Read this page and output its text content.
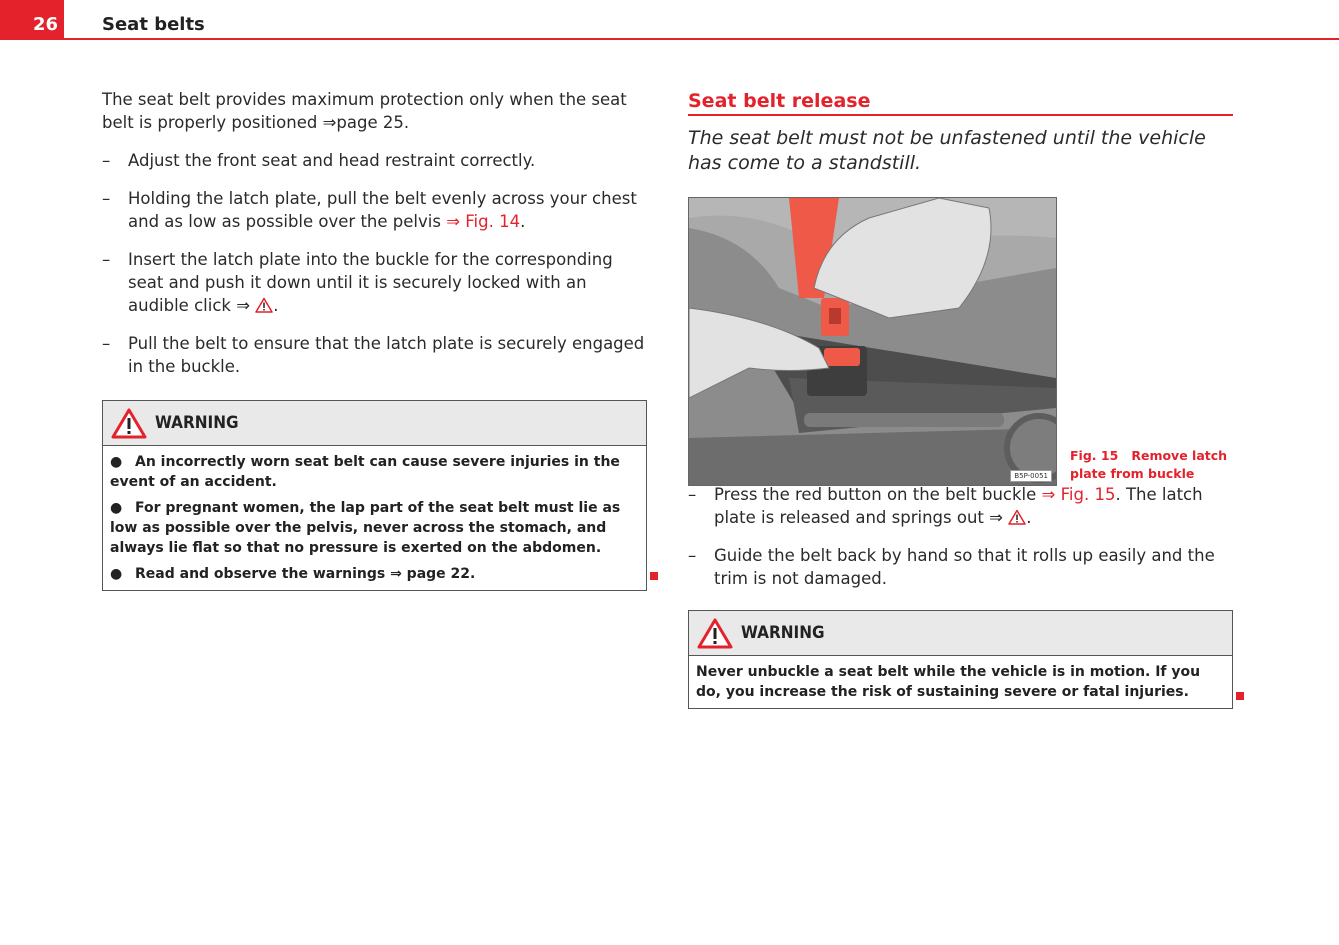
26 Seat belts

The seat belt provides maximum protection only when the seat belt is properly positioned ⇒page 25.

– Adjust the front seat and head restraint correctly.
– Holding the latch plate, pull the belt evenly across your chest and as low as possible over the pelvis ⇒ Fig. 14.
– Insert the latch plate into the buckle for the corresponding seat and push it down until it is securely locked with an audible click ⇒ .
– Pull the belt to ensure that the latch plate is securely engaged in the buckle.
WARNING
● An incorrectly worn seat belt can cause severe injuries in the event of an accident.
● For pregnant women, the lap part of the seat belt must lie as low as possible over the pelvis, never across the stomach, and always lie flat so that no pressure is exerted on the abdomen.
● Read and observe the warnings ⇒ page 22.
Seat belt release
The seat belt must not be unfastened until the vehicle has come to a standstill.
B5P-0051
Fig. 15 Remove latch plate from buckle
– Press the red button on the belt buckle ⇒ Fig. 15. The latch plate is released and springs out ⇒ .
– Guide the belt back by hand so that it rolls up easily and the trim is not damaged.
WARNING
Never unbuckle a seat belt while the vehicle is in motion. If you do, you increase the risk of sustaining severe or fatal injuries.
